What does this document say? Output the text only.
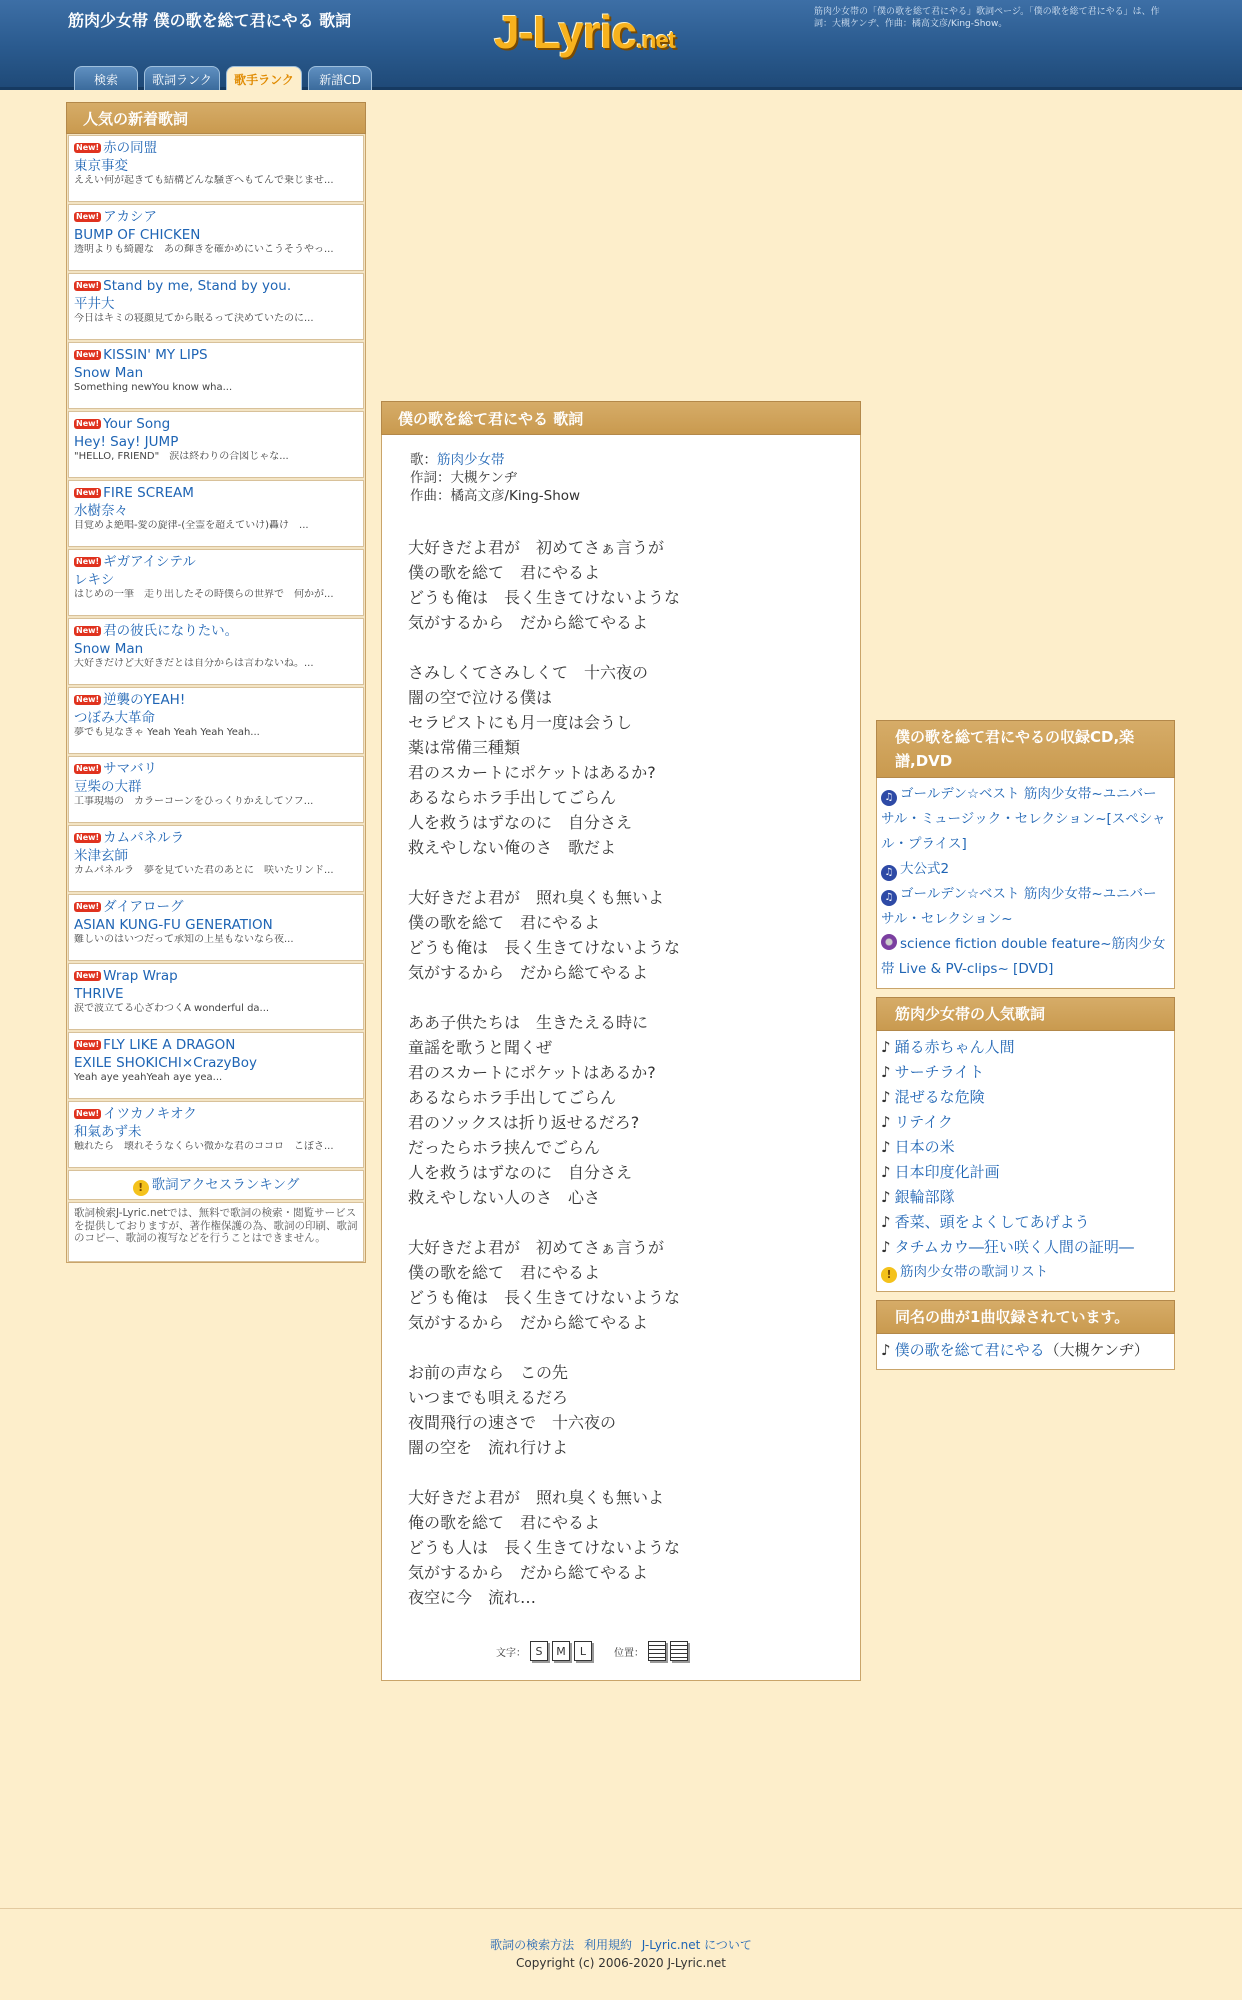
筋肉少女帯 僕の歌を総て君にやる 歌詞	J-Lyric.net
筋肉少女帯の「僕の歌を総て君にやる」歌詞ページ。「僕の歌を総て君にやる」は、作詞：大槻ケンヂ、作曲：橘高文彦/King-Show。
検索	歌詞ランク	歌手ランク	新譜CD
人気の新着歌詞
New! 赤の同盟
東京事変
ええい何が起きても結構どんな騒ぎへもてんで乗じませ...
New! アカシア
BUMP OF CHICKEN
透明よりも綺麗な　あの輝きを確かめにいこうそうやっ...
New! Stand by me, Stand by you.
平井大
今日はキミの寝顔見てから眠るって決めていたのに...
New! KISSIN' MY LIPS
Snow Man
Something newYou know wha...
New! Your Song
Hey! Say! JUMP
"HELLO, FRIEND"　涙は終わりの合図じゃな...
New! FIRE SCREAM
水樹奈々
目覚めよ絶唱-愛の旋律-(全霊を超えていけ)轟け　...
New! ギガアイシテル
レキシ
はじめの一筆　走り出したその時僕らの世界で　何かが...
New! 君の彼氏になりたい。
Snow Man
大好きだけど大好きだとは自分からは言わないね。...
New! 逆襲のYEAH!
つぼみ大革命
夢でも見なきゃ Yeah Yeah Yeah Yeah...
New! サマバリ
豆柴の大群
工事現場の　カラーコーンをひっくりかえしてソフ...
New! カムパネルラ
米津玄師
カムパネルラ　夢を見ていた君のあとに　咲いたリンド...
New! ダイアローグ
ASIAN KUNG-FU GENERATION
難しいのはいつだって承知の上星もないなら夜...
New! Wrap Wrap
THRIVE
涙で波立てる心ざわつくA wonderful da...
New! FLY LIKE A DRAGON
EXILE SHOKICHI×CrazyBoy
Yeah aye yeahYeah aye yea...
New! イツカノキオク
和氣あず未
触れたら　壊れそうなくらい微かな君のココロ　こぼさ...
! 歌詞アクセスランキング
歌詞検索J-Lyric.netでは、無料で歌詞の検索・閲覧サービスを提供しておりますが、著作権保護の為、歌詞の印刷、歌詞のコピー、歌詞の複写などを行うことはできません。
僕の歌を総て君にやる 歌詞
歌：筋肉少女帯
作詞：大槻ケンヂ
作曲：橘高文彦/King-Show
大好きだよ君が　初めてさぁ言うが
僕の歌を総て　君にやるよ
どうも俺は　長く生きてけないような
気がするから　だから総てやるよ

さみしくてさみしくて　十六夜の
闇の空で泣ける僕は
セラピストにも月一度は会うし
薬は常備三種類
君のスカートにポケットはあるか?
あるならホラ手出してごらん
人を救うはずなのに　自分さえ
救えやしない俺のさ　歌だよ

大好きだよ君が　照れ臭くも無いよ
僕の歌を総て　君にやるよ
どうも俺は　長く生きてけないような
気がするから　だから総てやるよ

ああ子供たちは　生きたえる時に
童謡を歌うと聞くぜ
君のスカートにポケットはあるか?
あるならホラ手出してごらん
君のソックスは折り返せるだろ?
だったらホラ挟んでごらん
人を救うはずなのに　自分さえ
救えやしない人のさ　心さ

大好きだよ君が　初めてさぁ言うが
僕の歌を総て　君にやるよ
どうも俺は　長く生きてけないような
気がするから　だから総てやるよ

お前の声なら　この先
いつまでも唄えるだろ
夜間飛行の速さで　十六夜の
闇の空を　流れ行けよ

大好きだよ君が　照れ臭くも無いよ
俺の歌を総て　君にやるよ
どうも人は　長く生きてけないような
気がするから　だから総てやるよ
夜空に今　流れ…
文字： S	M	L	位置：
僕の歌を総て君にやるの収録CD,楽譜,DVD
♫ ゴールデン☆ベスト 筋肉少女帯~ユニバーサル・ミュージック・セレクション~[スペシャル・プライス]
♫ 大公式2
♫ ゴールデン☆ベスト 筋肉少女帯~ユニバーサル・セレクション~
science fiction double feature~筋肉少女帯 Live & PV-clips~ [DVD]
筋肉少女帯の人気歌詞
♪ 踊る赤ちゃん人間
♪ サーチライト
♪ 混ぜるな危険
♪ リテイク
♪ 日本の米
♪ 日本印度化計画
♪ 銀輪部隊
♪ 香菜、頭をよくしてあげよう
♪ タチムカウ―狂い咲く人間の証明―
! 筋肉少女帯の歌詞リスト
同名の曲が1曲収録されています。
♪ 僕の歌を総て君にやる（大槻ケンヂ）
歌詞の検索方法 利用規約 J-Lyric.net について
Copyright (c) 2006-2020 J-Lyric.net
